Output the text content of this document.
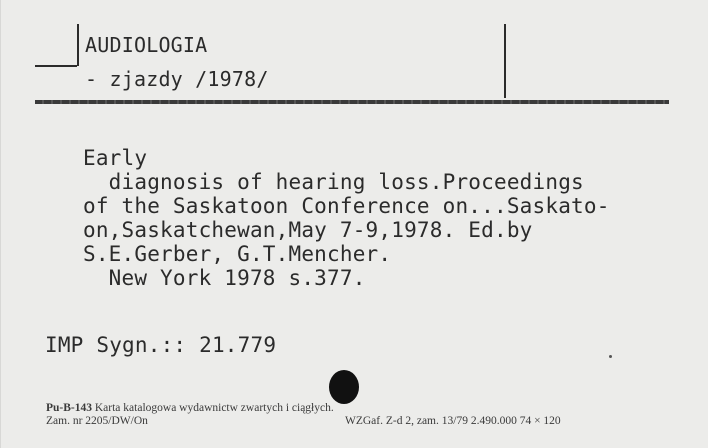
AUDIOLOGIA
- zjazdy /1978/
Early
diagnosis of hearing loss.Proceedings
of the Saskatoon Conference on...Saskato-
on,Saskatchewan,May 7-9,1978. Ed.by
S.E.Gerber, G.T.Mencher.
New York 1978 s.377.
IMP Sygn.:: 21.779
Pu-B-143 Karta katalogowa wydawnictw zwartych i ciągłych.
Zam. nr 2205/DW/On	WZGaf. Z-d 2, zam. 13/79 2.490.000 74 × 120
